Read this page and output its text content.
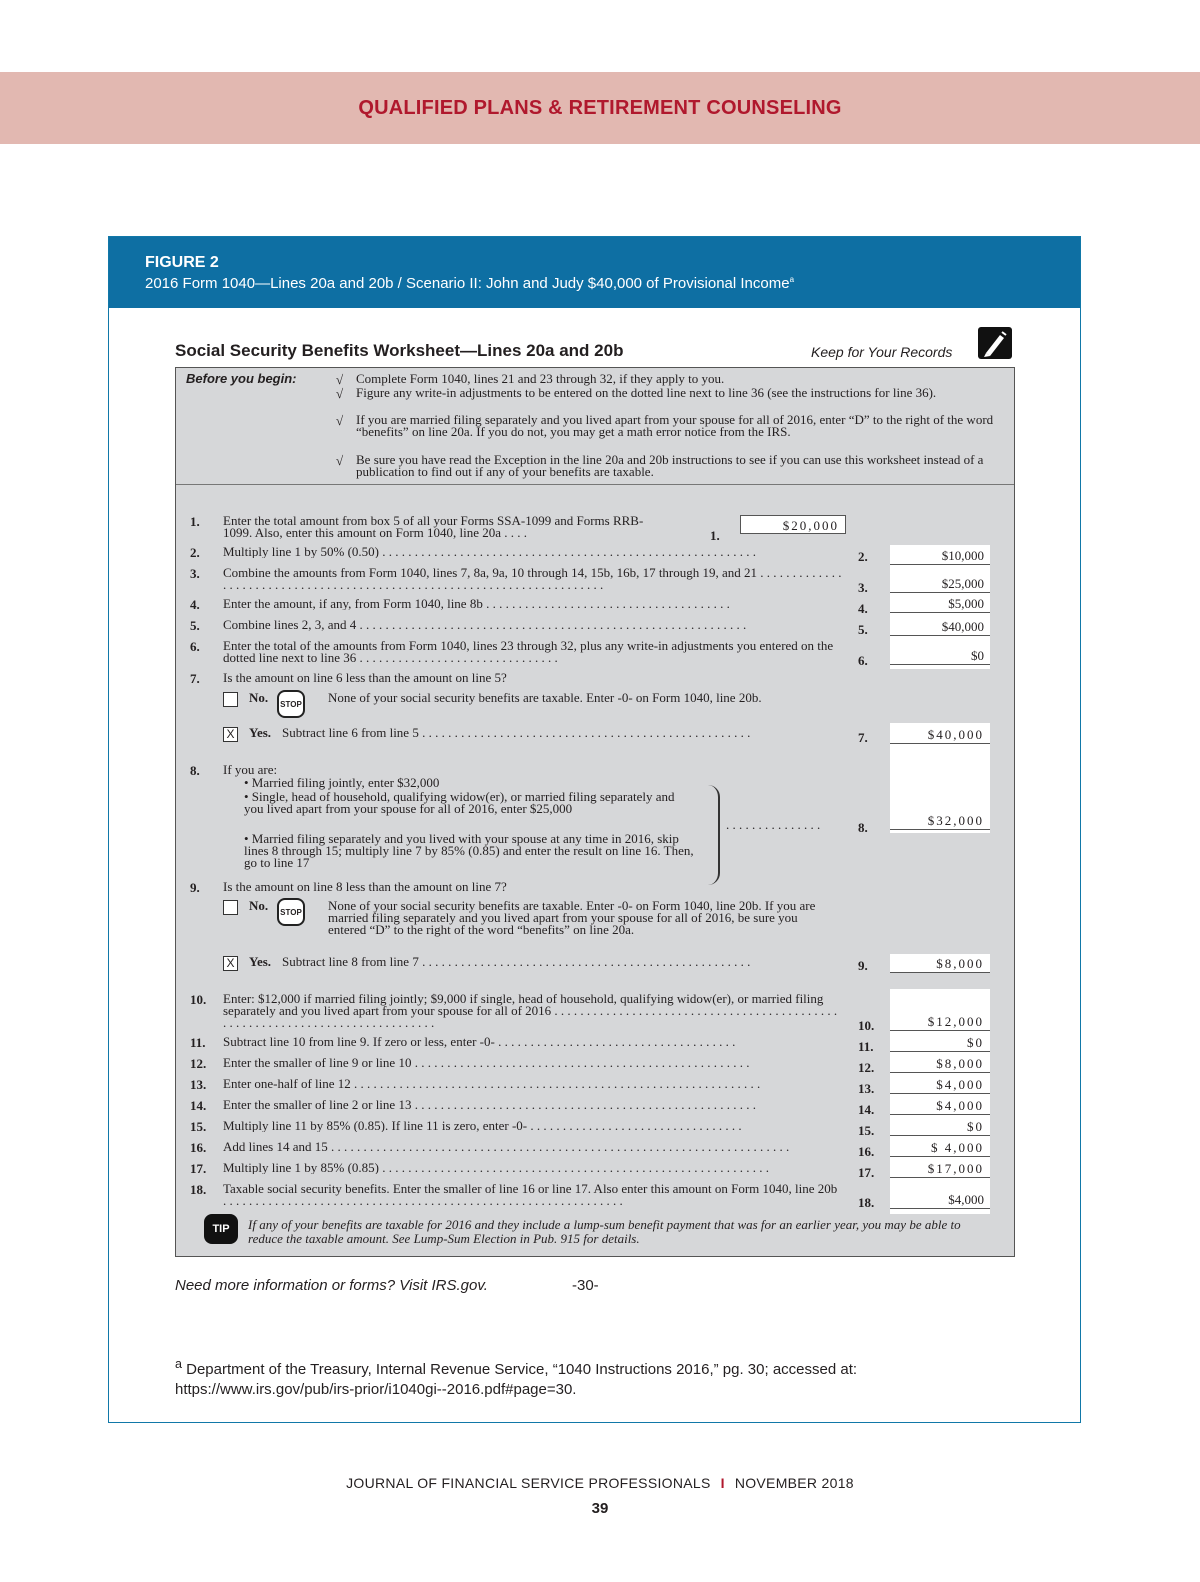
QUALIFIED PLANS & RETIREMENT COUNSELING
FIGURE 2
2016 Form 1040—Lines 20a and 20b / Scenario II: John and Judy $40,000 of Provisional Income$^a$
Social Security Benefits Worksheet—Lines 20a and 20b	Keep for Your Records
Before you begin:	√ Complete Form 1040, lines 21 and 23 through 32, if they apply to you.
√ Figure any write-in adjustments to be entered on the dotted line next to line 36 (see the instructions for line 36).
√ If you are married filing separately and you lived apart from your spouse for all of 2016, enter “D” to the right of the word “benefits” on line 20a. If you do not, you may get a math error notice from the IRS.
√ Be sure you have read the Exception in the line 20a and 20b instructions to see if you can use this worksheet instead of a publication to find out if any of your benefits are taxable.
1. Enter the total amount from box 5 of all your Forms SSA-1099 and Forms RRB-1099. Also, enter this amount on Form 1040, line 20a . . . .	1.
$20,000
2. Multiply line 1 by 50% (0.50) . . . . . . . . . . . . . . . . . . . . . . . . . . . . . . . . . . . . . . . . . . . . . . . . . . . . . . . . . .	2.	$10,000
3. Combine the amounts from Form 1040, lines 7, 8a, 9a, 10 through 14, 15b, 16b, 17 through 19, and 21 . . . . . . . . . . . . . . . . . . . . . . . . . . . . . . . . . . . . . . . . . . . . . . . . . . . . . . . . . . . . . . . . . . . . . . . .	3.	$25,000
4. Enter the amount, if any, from Form 1040, line 8b . . . . . . . . . . . . . . . . . . . . . . . . . . . . . . . . . . . . . .	4.	$5,000
5. Combine lines 2, 3, and 4 . . . . . . . . . . . . . . . . . . . . . . . . . . . . . . . . . . . . . . . . . . . . . . . . . . . . . . . . . . . .	5.	$40,000
6. Enter the total of the amounts from Form 1040, lines 23 through 32, plus any write-in adjustments you entered on the dotted line next to line 36 . . . . . . . . . . . . . . . . . . . . . . . . . . . . . . .	6.	$0
7. Is the amount on line 6 less than the amount on line 5?
No.	STOP None of your social security benefits are taxable. Enter -0- on Form 1040, line 20b.
X Yes. Subtract line 6 from line 5 . . . . . . . . . . . . . . . . . . . . . . . . . . . . . . . . . . . . . . . . . . . . . . . . . . .	7.	$40,000
8. If you are:
• Married filing jointly, enter $32,000
• Single, head of household, qualifying widow(er), or married filing separately and you lived apart from your spouse for all of 2016, enter $25,000
• Married filing separately and you lived with your spouse at any time in 2016, skip lines 8 through 15; multiply line 7 by 85% (0.85) and enter the result on line 16. Then, go to line 17
. . . . . . . . . . . . . . .	8.	$32,000
9. Is the amount on line 8 less than the amount on line 7?
No.	STOP None of your social security benefits are taxable. Enter -0- on Form 1040, line 20b. If you are married filing separately and you lived apart from your spouse for all of 2016, be sure you entered “D” to the right of the word “benefits” on line 20a.
X Yes. Subtract line 8 from line 7 . . . . . . . . . . . . . . . . . . . . . . . . . . . . . . . . . . . . . . . . . . . . . . . . . . .	9.	$8,000
10. Enter: $12,000 if married filing jointly; $9,000 if single, head of household, qualifying widow(er), or married filing separately and you lived apart from your spouse for all of 2016 . . . . . . . . . . . . . . . . . . . . . . . . . . . . . . . . . . . . . . . . . . . . . . . . . . . . . . . . . . . . . . . . . . . . . . . . . . . . .	10.	$12,000
11. Subtract line 10 from line 9. If zero or less, enter -0- . . . . . . . . . . . . . . . . . . . . . . . . . . . . . . . . . . . . .	11.	$0
12. Enter the smaller of line 9 or line 10 . . . . . . . . . . . . . . . . . . . . . . . . . . . . . . . . . . . . . . . . . . . . . . . . . . . .	12.	$8,000
13. Enter one-half of line 12 . . . . . . . . . . . . . . . . . . . . . . . . . . . . . . . . . . . . . . . . . . . . . . . . . . . . . . . . . . . . . . .	13.	$4,000
14. Enter the smaller of line 2 or line 13 . . . . . . . . . . . . . . . . . . . . . . . . . . . . . . . . . . . . . . . . . . . . . . . . . . . . .	14.	$4,000
15. Multiply line 11 by 85% (0.85). If line 11 is zero, enter -0- . . . . . . . . . . . . . . . . . . . . . . . . . . . . . . . . .	15.	$0
16. Add lines 14 and 15 . . . . . . . . . . . . . . . . . . . . . . . . . . . . . . . . . . . . . . . . . . . . . . . . . . . . . . . . . . . . . . . . . . . . . . .	16.	$ 4,000
17. Multiply line 1 by 85% (0.85) . . . . . . . . . . . . . . . . . . . . . . . . . . . . . . . . . . . . . . . . . . . . . . . . . . . . . . . . . . . .	17.	$17,000
18. Taxable social security benefits. Enter the smaller of line 16 or line 17. Also enter this amount on Form 1040, line 20b . . . . . . . . . . . . . . . . . . . . . . . . . . . . . . . . . . . . . . . . . . . . . . . . . . . . . . . . . . . . . .	18.	$4,000
TIP	If any of your benefits are taxable for 2016 and they include a lump-sum benefit payment that was for an earlier year, you may be able to reduce the taxable amount. See Lump-Sum Election in Pub. 915 for details.
Need more information or forms? Visit IRS.gov.	-30-
$^a$ Department of the Treasury, Internal Revenue Service, “1040 Instructions 2016,” pg. 30; accessed at: https://www.irs.gov/pub/irs-prior/i1040gi--2016.pdf#page=30.
JOURNAL OF FINANCIAL SERVICE PROFESSIONALS I NOVEMBER 2018
39
